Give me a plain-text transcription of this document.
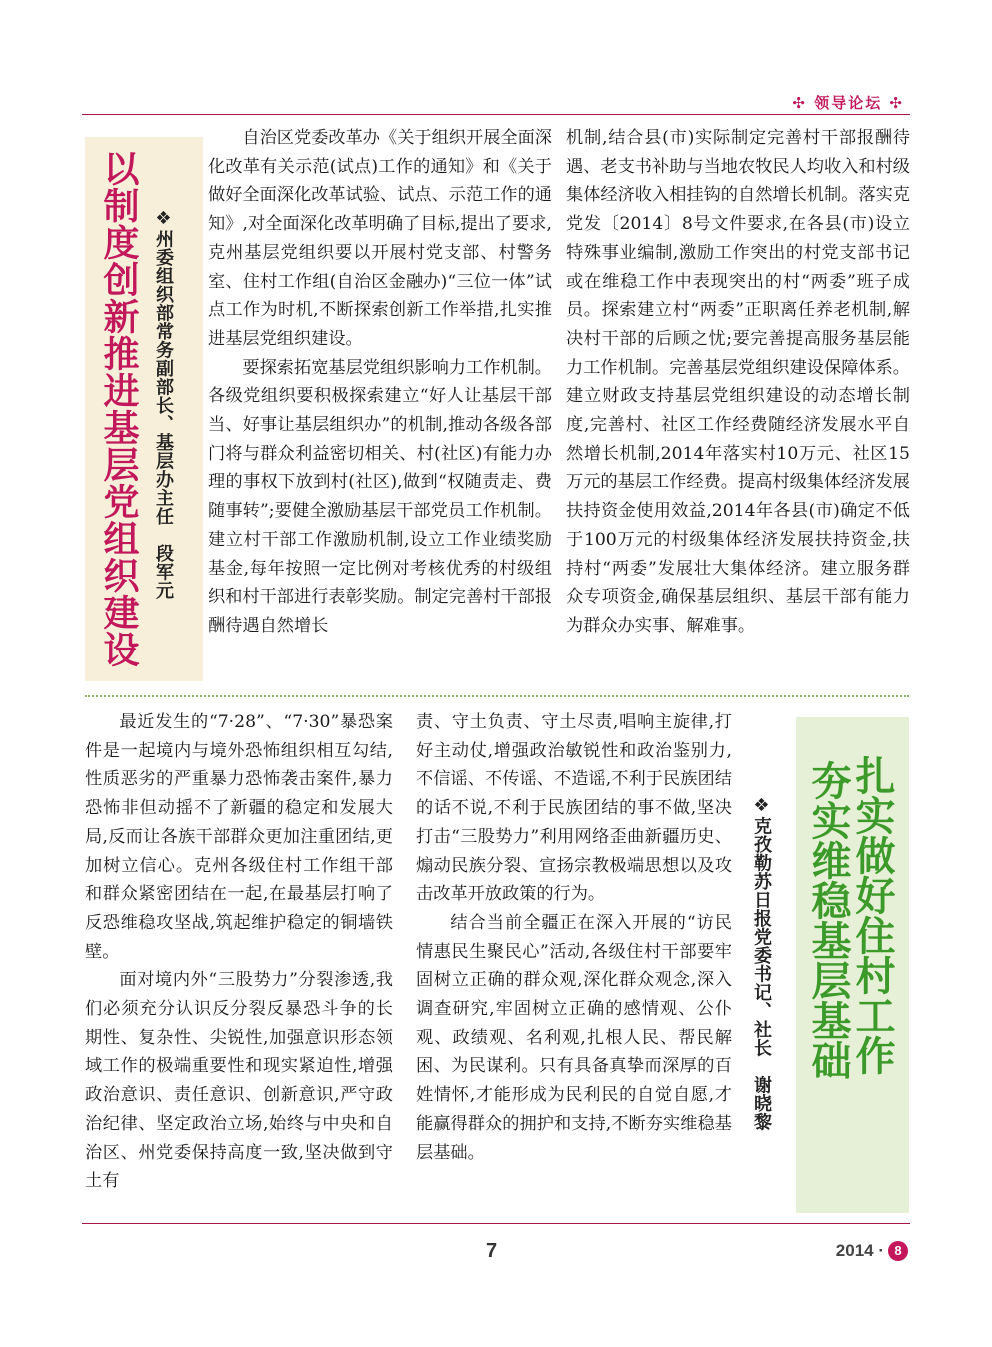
✣ 领导论坛 ✣
以制度创新推进基层党组织建设 ❖州委组织部常务副部长、基层办主任　段军元

自治区党委改革办《关于组织开展全面深化改革有关示范(试点)工作的通知》和《关于做好全面深化改革试验、试点、示范工作的通知》,对全面深化改革明确了目标,提出了要求,克州基层党组织要以开展村党支部、村警务室、住村工作组(自治区金融办)“三位一体”试点工作为时机,不断探索创新工作举措,扎实推进基层党组织建设。

要探索拓宽基层党组织影响力工作机制。各级党组织要积极探索建立“好人让基层干部当、好事让基层组织办”的机制,推动各级各部门将与群众利益密切相关、村(社区)有能力办理的事权下放到村(社区),做到“权随责走、费随事转”;要健全激励基层干部党员工作机制。建立村干部工作激励机制,设立工作业绩奖励基金,每年按照一定比例对考核优秀的村级组织和村干部进行表彰奖励。制定完善村干部报酬待遇自然增长

机制,结合县(市)实际制定完善村干部报酬待遇、老支书补助与当地农牧民人均收入和村级集体经济收入相挂钩的自然增长机制。落实克党发〔2014〕8号文件要求,在各县(市)设立特殊事业编制,激励工作突出的村党支部书记或在维稳工作中表现突出的村“两委”班子成员。探索建立村“两委”正职离任养老机制,解决村干部的后顾之忧;要完善提高服务基层能力工作机制。完善基层党组织建设保障体系。建立财政支持基层党组织建设的动态增长制度,完善村、社区工作经费随经济发展水平自然增长机制,2014年落实村10万元、社区15万元的基层工作经费。提高村级集体经济发展扶持资金使用效益,2014年各县(市)确定不低于100万元的村级集体经济发展扶持资金,扶持村“两委”发展壮大集体经济。建立服务群众专项资金,确保基层组织、基层干部有能力为群众办实事、解难事。

最近发生的“7·28”、“7·30”暴恐案件是一起境内与境外恐怖组织相互勾结,性质恶劣的严重暴力恐怖袭击案件,暴力恐怖非但动摇不了新疆的稳定和发展大局,反而让各族干部群众更加注重团结,更加树立信心。克州各级住村工作组干部和群众紧密团结在一起,在最基层打响了反恐维稳攻坚战,筑起维护稳定的铜墙铁壁。

面对境内外“三股势力”分裂渗透,我们必须充分认识反分裂反暴恐斗争的长期性、复杂性、尖锐性,加强意识形态领域工作的极端重要性和现实紧迫性,增强政治意识、责任意识、创新意识,严守政治纪律、坚定政治立场,始终与中央和自治区、州党委保持高度一致,坚决做到守土有

责、守土负责、守土尽责,唱响主旋律,打好主动仗,增强政治敏锐性和政治鉴别力,不信谣、不传谣、不造谣,不利于民族团结的话不说,不利于民族团结的事不做,坚决打击“三股势力”利用网络歪曲新疆历史、煽动民族分裂、宣扬宗教极端思想以及攻击改革开放政策的行为。

结合当前全疆正在深入开展的“访民情惠民生聚民心”活动,各级住村干部要牢固树立正确的群众观,深化群众观念,深入调查研究,牢固树立正确的感情观、公仆观、政绩观、名利观,扎根人民、帮民解困、为民谋利。只有具备真挚而深厚的百姓情怀,才能形成为民利民的自觉自愿,才能赢得群众的拥护和支持,不断夯实维稳基层基础。

夯实维稳基层基础
扎实做好住村工作
❖克孜勒苏日报党委书记、社长　谢晓黎
7	2014 · 8
